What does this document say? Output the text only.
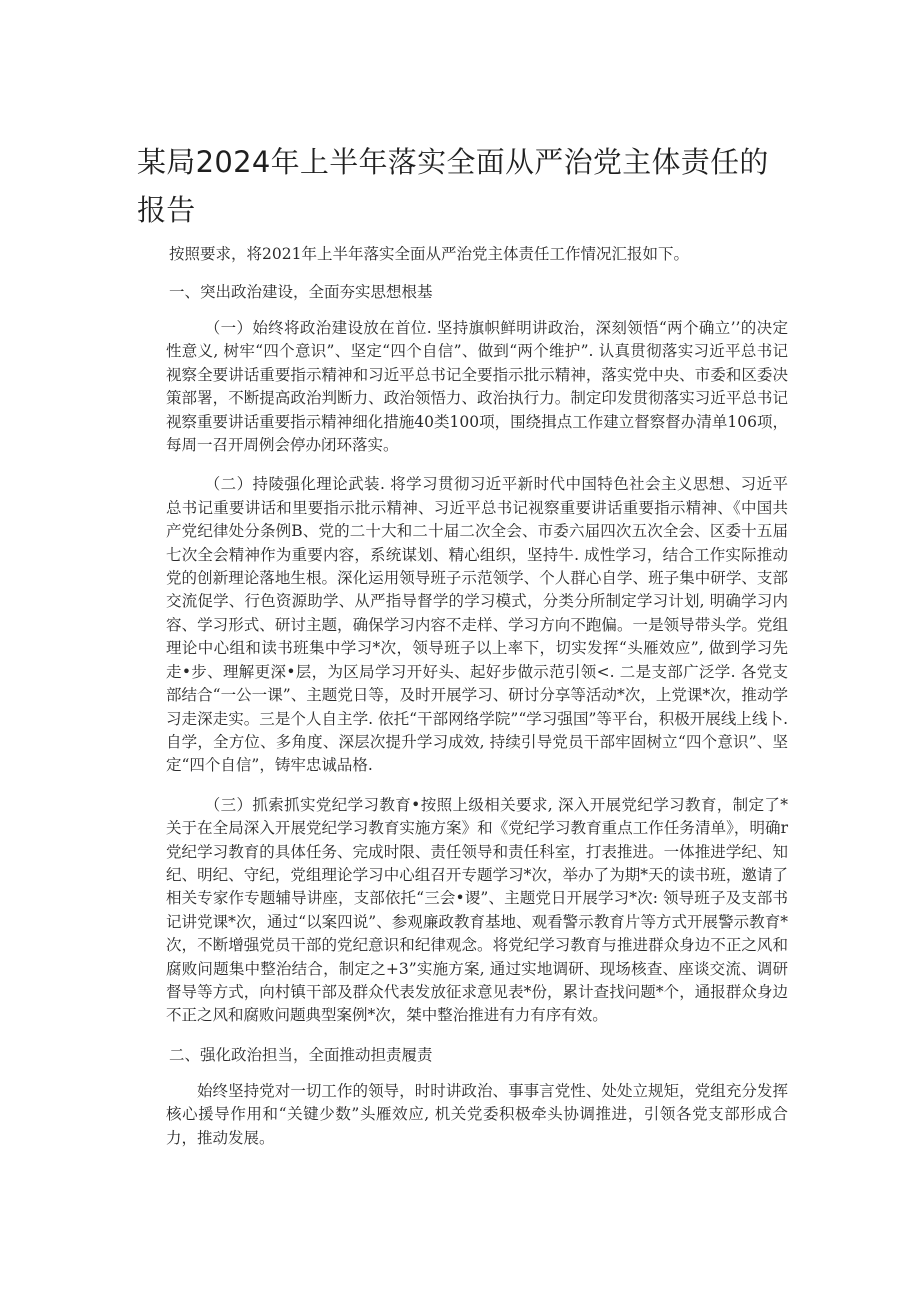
某局2024年上半年落实全面从严治党主体责任的报告

按照要求，将2021年上半年落实全面从严治党主体责任工作情况汇报如下。

一、突出政治建设，全面夯实思想根基

（一）始终将政治建设放在首位. 坚持旗帜鲜明讲政治，深刻领悟“两个确立’’的决定性意义, 树牢“四个意识”、坚定“四个自信”、做到“两个维护”. 认真贯彻落实习近平总书记视察全要讲话重要指示精神和习近平总书记全要指示批示精神，落实党中央、市委和区委决策部署，不断提高政治判断力、政治领悟力、政治执行力。制定印发贯彻落实习近平总书记视察重要讲话重要指示精神细化措施40类100项，围绕揖点工作建立督察督办清单106项，每周一召开周例会停办闭环落实。

（二）持陵强化理论武装. 将学习贯彻习近平新时代中国特色社会主义思想、习近平总书记重要讲话和里要指示批示精神、习近平总书记视察重要讲话重要指示精神、《中国共产党纪律处分条例B、党的二十大和二十届二次全会、市委六届四次五次全会、区委十五届七次全会精神作为重要内容，系统谋划、精心组织，坚持牛. 成性学习，结合工作实际推动党的创新理论落地生根。深化运用领导班子示范领学、个人群心自学、班子集中研学、支部交流促学、行色资源助学、从严指导督学的学习模式，分类分所制定学习计划, 明确学习内容、学习形式、研讨主题，确保学习内容不走样、学习方向不跑偏。一是领导带头学。党组理论中心组和读书班集中学习*次，领导班子以上率下，切实发挥“头雁效应”, 做到学习先走•步、理解更深•层，为区局学习开好头、起好步做示范引领<. 二是支部广泛学. 各党支部结合“一公一课”、主题党日等，及时开展学习、研讨分享等活动*次，上党课*次，推动学习走深走实。三是个人自主学. 依托“干部网络学院”“学习强国”等平台，积极开展线上线卜. 自学，全方位、多角度、深层次提升学习成效, 持续引导党员干部牢固树立“四个意识”、坚定“四个自信”，铸牢忠诚品格.

（三）抓索抓实党纪学习教育•按照上级相关要求, 深入开展党纪学习教育，制定了*关于在全局深入开展党纪学习教育实施方案》和《党纪学习教育重点工作任务清单》，明确r党纪学习教育的具体任务、完成时限、责任领导和责任科室，打表推进。一体推进学纪、知纪、明纪、守纪，党组理论学习中心组召开专题学习*次，举办了为期*天的读书班，邀请了相关专家作专题辅导讲座，支部依托“三会•谡”、主题党日开展学习*次: 领导班子及支部书记讲党课*次，通过“以案四说”、参观廉政教育基地、观看警示教育片等方式开展警示教育*次，不断增强党员干部的党纪意识和纪律观念。将党纪学习教育与推进群众身边不正之风和腐败问题集中整治结合，制定之+3”实施方案, 通过实地调研、现场核查、座谈交流、调研督导等方式，向村镇干部及群众代表发放征求意见表*份，累计查找问题*个，通报群众身边不正之风和腐败问题典型案例*次，桀中整治推进有力有序有效。

二、强化政治担当，全面推动担责履责

始终坚持党对一切工作的领导，时时讲政治、事事言党性、处处立规矩，党组充分发挥核心援导作用和“关键少数”头雁效应, 机关党委积极牵头协调推进，引领各党支部形成合力，推动发展。
